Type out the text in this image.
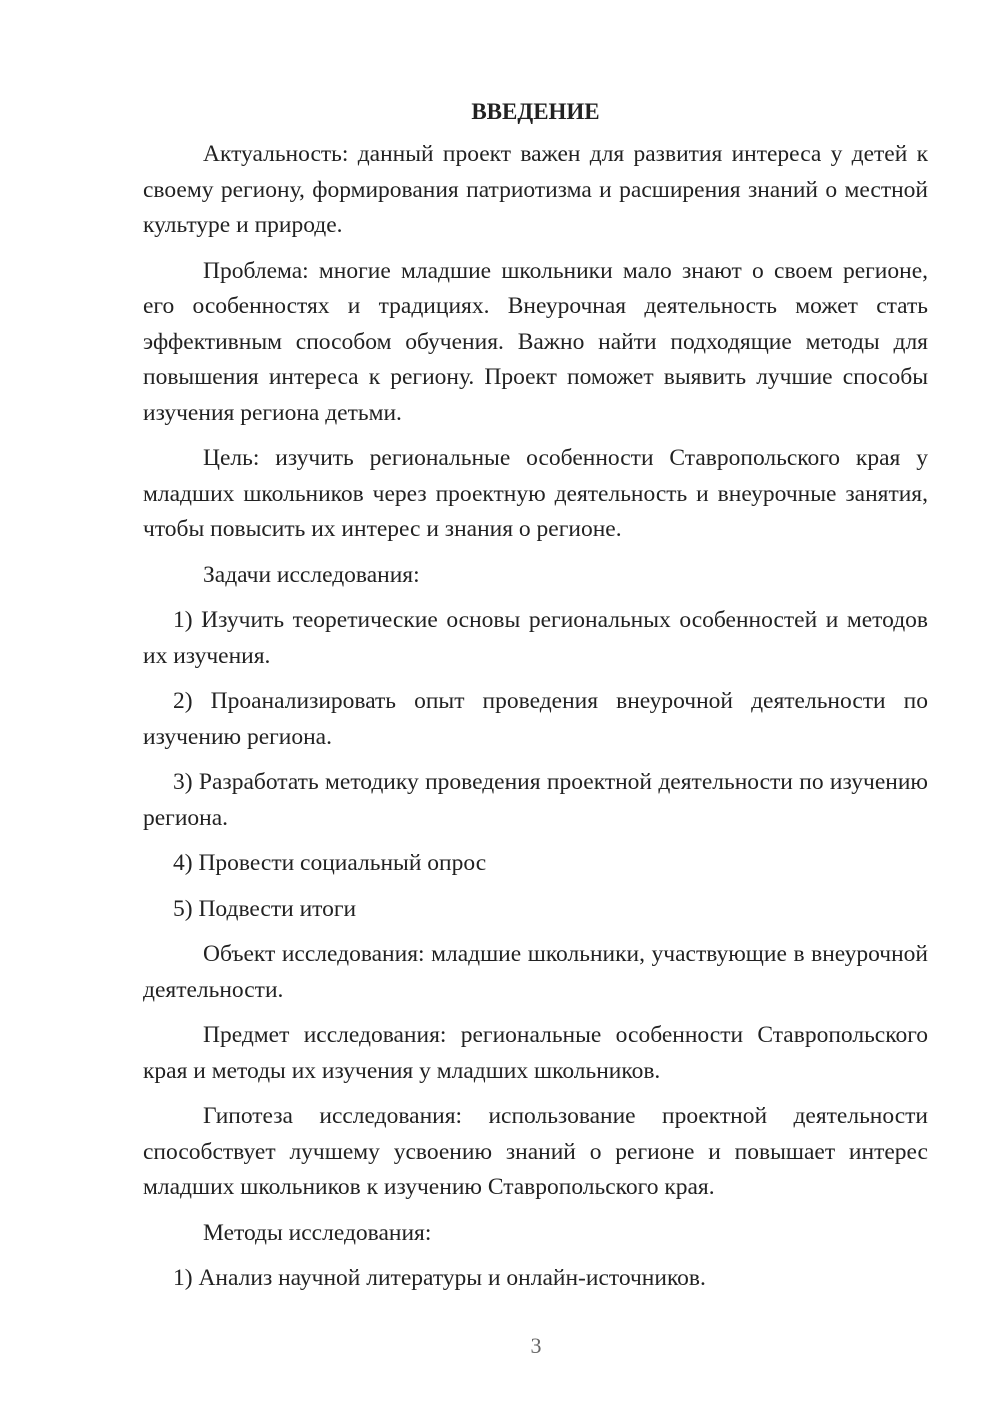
ВВЕДЕНИЕ

Актуальность: данный проект важен для развития интереса у детей к своему региону, формирования патриотизма и расширения знаний о местной культуре и природе.

Проблема: многие младшие школьники мало знают о своем регионе, его особенностях и традициях. Внеурочная деятельность может стать эффективным способом обучения. Важно найти подходящие методы для повышения интереса к региону. Проект поможет выявить лучшие способы изучения региона детьми.

Цель: изучить региональные особенности Ставропольского края у младших школьников через проектную деятельность и внеурочные занятия, чтобы повысить их интерес и знания о регионе.

Задачи исследования:

1) Изучить теоретические основы региональных особенностей и методов их изучения.

2) Проанализировать опыт проведения внеурочной деятельности по изучению региона.

3) Разработать методику проведения проектной деятельности по изучению региона.

4) Провести социальный опрос

5) Подвести итоги

Объект исследования: младшие школьники, участвующие в внеурочной деятельности.

Предмет исследования: региональные особенности Ставропольского края и методы их изучения у младших школьников.

Гипотеза исследования: использование проектной деятельности способствует лучшему усвоению знаний о регионе и повышает интерес младших школьников к изучению Ставропольского края.

Методы исследования:

1) Анализ научной литературы и онлайн-источников.

3
